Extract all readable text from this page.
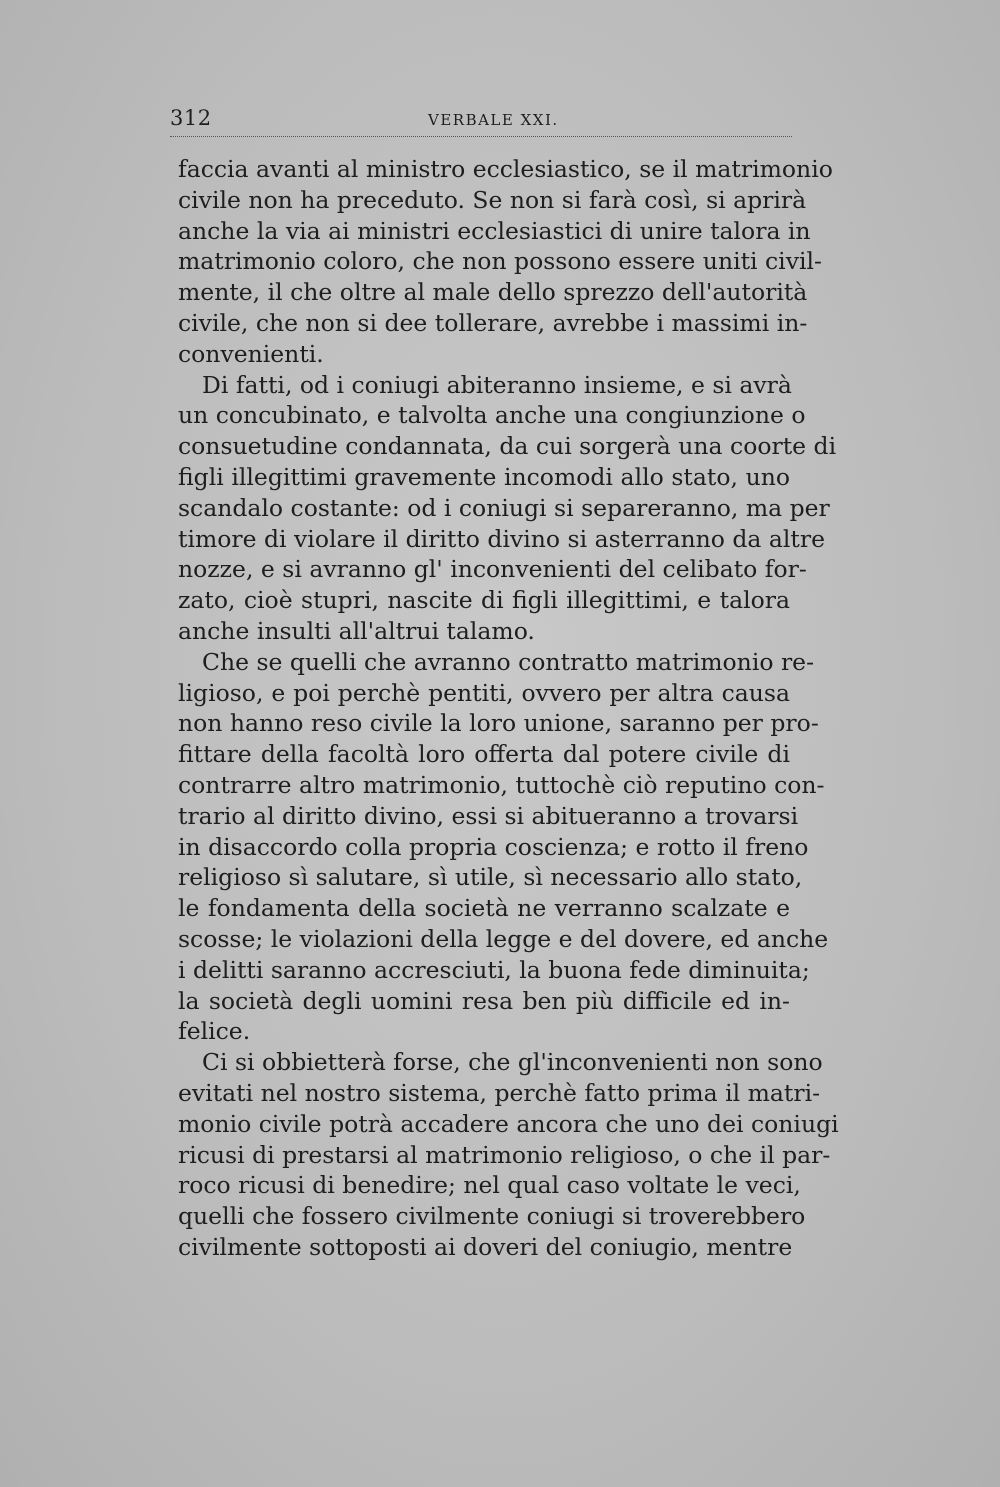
312	VERBALE XXI.
faccia avanti al ministro ecclesiastico, se il matrimonio
civile non ha preceduto. Se non si farà così, si aprirà
anche la via ai ministri ecclesiastici di unire talora in
matrimonio coloro, che non possono essere uniti civil-
mente, il che oltre al male dello sprezzo dell'autorità
civile, che non si dee tollerare, avrebbe i massimi in-
convenienti.
Di fatti, od i coniugi abiteranno insieme, e si avrà
un concubinato, e talvolta anche una congiunzione o
consuetudine condannata, da cui sorgerà una coorte di
figli illegittimi gravemente incomodi allo stato, uno
scandalo costante: od i coniugi si separeranno, ma per
timore di violare il diritto divino si asterranno da altre
nozze, e si avranno gl' inconvenienti del celibato for-
zato, cioè stupri, nascite di figli illegittimi, e talora
anche insulti all'altrui talamo.
Che se quelli che avranno contratto matrimonio re-
ligioso, e poi perchè pentiti, ovvero per altra causa
non hanno reso civile la loro unione, saranno per pro-
fittare della facoltà loro offerta dal potere civile di
contrarre altro matrimonio, tuttochè ciò reputino con-
trario al diritto divino, essi si abitueranno a trovarsi
in disaccordo colla propria coscienza; e rotto il freno
religioso sì salutare, sì utile, sì necessario allo stato,
le fondamenta della società ne verranno scalzate e
scosse; le violazioni della legge e del dovere, ed anche
i delitti saranno accresciuti, la buona fede diminuita;
la società degli uomini resa ben più difficile ed in-
felice.
Ci si obbietterà forse, che gl'inconvenienti non sono
evitati nel nostro sistema, perchè fatto prima il matri-
monio civile potrà accadere ancora che uno dei coniugi
ricusi di prestarsi al matrimonio religioso, o che il par-
roco ricusi di benedire; nel qual caso voltate le veci,
quelli che fossero civilmente coniugi si troverebbero
civilmente sottoposti ai doveri del coniugio, mentre
